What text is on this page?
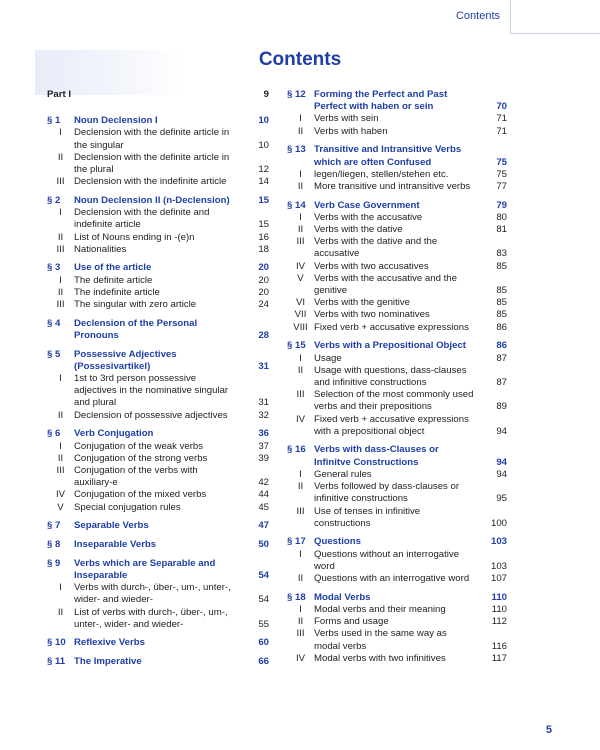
Contents
Contents
Part I	9
§ 1	Noun Declension I	10
I	Declension with the definite article in the singular	10
II	Declension with the definite article in the plural	12
III Declension with the indefinite article	14
§ 2	Noun Declension II (n-Declension)	15
I	Declension with the definite and indefinite article	15
II	List of Nouns ending in -(e)n	16
III Nationalities	18
§ 3	Use of the article	20
I	The definite article	20
II	The indefinite article	20
III The singular with zero article	24
§ 4	Declension of the Personal Pronouns	28
§ 5	Possessive Adjectives (Possesivartikel)	31
I	1st to 3rd person possessive adjectives in the nominative singular and plural	31
II	Declension of possessive adjectives	32
§ 6	Verb Conjugation	36
I	Conjugation of the weak verbs	37
II	Conjugation of the strong verbs	39
III Conjugation of the verbs with auxiliary-e	42
IV Conjugation of the mixed verbs	44
V	Special conjugation rules	45
§ 7	Separable Verbs	47
§ 8	Inseparable Verbs	50
§ 9	Verbs which are Separable and Inseparable	54
I	Verbs with durch-, über-, um-, unter-, wider- and wieder-	54
II	List of verbs with durch-, über-, um-, unter-, wider- and wieder-	55
§ 10 Reflexive Verbs	60
§ 11 The Imperative	66
§ 12 Forming the Perfect and Past Perfect with haben or sein	70
I	Verbs with sein	71
II	Verbs with haben	71
§ 13 Transitive and Intransitive Verbs which are often Confused	75
I	legen/liegen, stellen/stehen etc.	75
II	More transitive und intransitive verbs	77
§ 14 Verb Case Government	79
I	Verbs with the accusative	80
II	Verbs with the dative	81
III Verbs with the dative and the accusative	83
IV Verbs with two accusatives	85
V	Verbs with the accusative and the genitive	85
VI Verbs with the genitive	85
VII Verbs with two nominatives	85
VIII Fixed verb + accusative expressions	86
§ 15 Verbs with a Prepositional Object	86
I	Usage	87
II	Usage with questions, dass-clauses and infinitive constructions	87
III Selection of the most commonly used verbs and their prepositions	89
IV Fixed verb + accusative expressions with a prepositional object	94
§ 16 Verbs with dass-Clauses or Infinitve Constructions	94
I	General rules	94
II	Verbs followed by dass-clauses or infinitive constructions	95
III Use of tenses in infinitive constructions	100
§ 17 Questions	103
I	Questions without an interrogative word	103
II	Questions with an interrogative word	107
§ 18 Modal Verbs	110
I	Modal verbs and their meaning	110
II	Forms and usage	112
III Verbs used in the same way as modal verbs	116
IV Modal verbs with two infinitives	117
5
